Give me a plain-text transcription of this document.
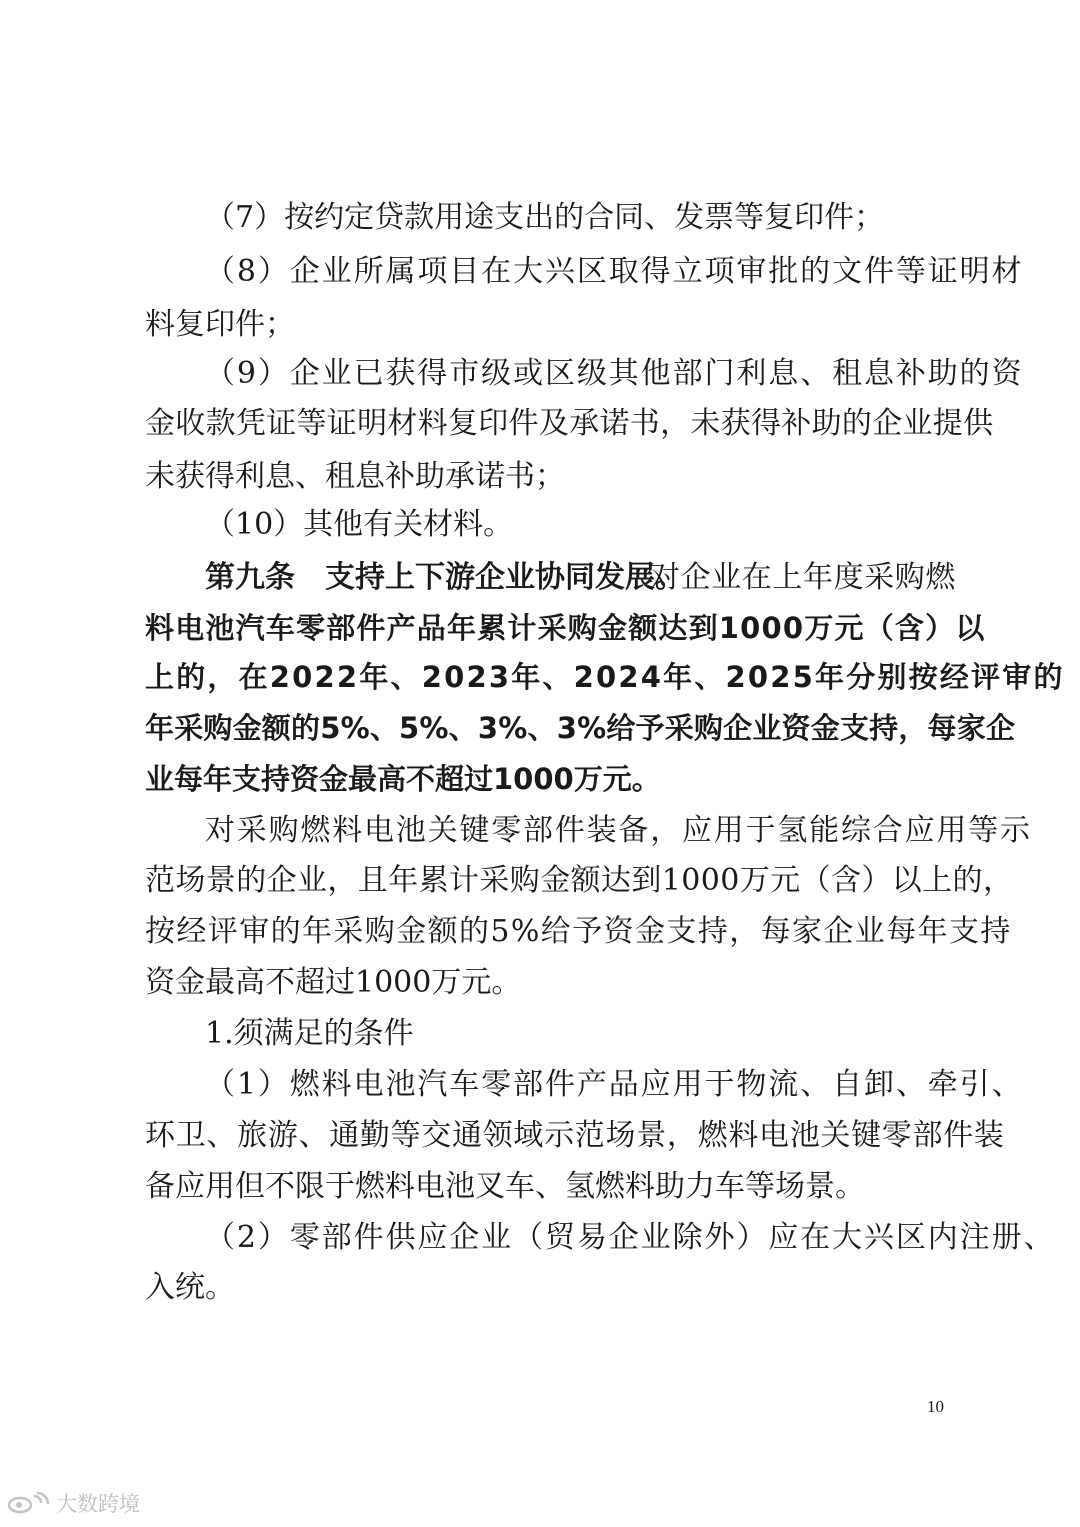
（7）按约定贷款用途支出的合同、发票等复印件；
（8）企业所属项目在大兴区取得立项审批的文件等证明材
料复印件；
（9）企业已获得市级或区级其他部门利息、租息补助的资
金收款凭证等证明材料复印件及承诺书，未获得补助的企业提供
未获得利息、租息补助承诺书；
（10）其他有关材料。
第九条　支持上下游企业协同发展。
对企业在上年度采购燃
料电池汽车零部件产品年累计采购金额达到1000万元（含）以
上的，在2022年、2023年、2024年、2025年分别按经评审的
年采购金额的5%、5%、3%、3%给予采购企业资金支持，每家企
业每年支持资金最高不超过1000万元。
对采购燃料电池关键零部件装备，应用于氢能综合应用等示
范场景的企业，且年累计采购金额达到1000万元（含）以上的，
按经评审的年采购金额的5%给予资金支持，每家企业每年支持
资金最高不超过1000万元。
1.须满足的条件
（1）燃料电池汽车零部件产品应用于物流、自卸、牵引、
环卫、旅游、通勤等交通领域示范场景，燃料电池关键零部件装
备应用但不限于燃料电池叉车、氢燃料助力车等场景。
（2）零部件供应企业（贸易企业除外）应在大兴区内注册、
入统。
10
大数跨境
